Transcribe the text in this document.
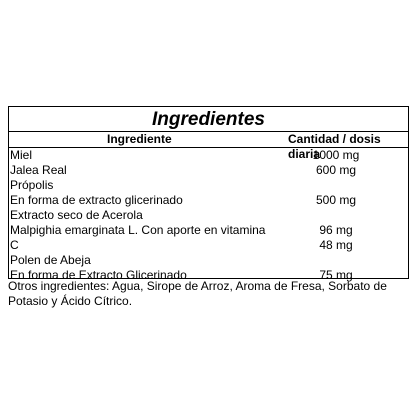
Ingredientes
Ingrediente	Cantidad / dosis diaria
Miel	1000 mg
Jalea Real	600 mg
Própolis
En forma de extracto glicerinado	500 mg
Extracto seco de Acerola
Malpighia emarginata L. Con aporte en vitamina	96 mg
C	48 mg
Polen de Abeja
En forma de Extracto Glicerinado	75 mg
Otros ingredientes: Agua, Sirope de Arroz, Aroma de Fresa, Sorbato de
Potasio y Ácido Cítrico.
